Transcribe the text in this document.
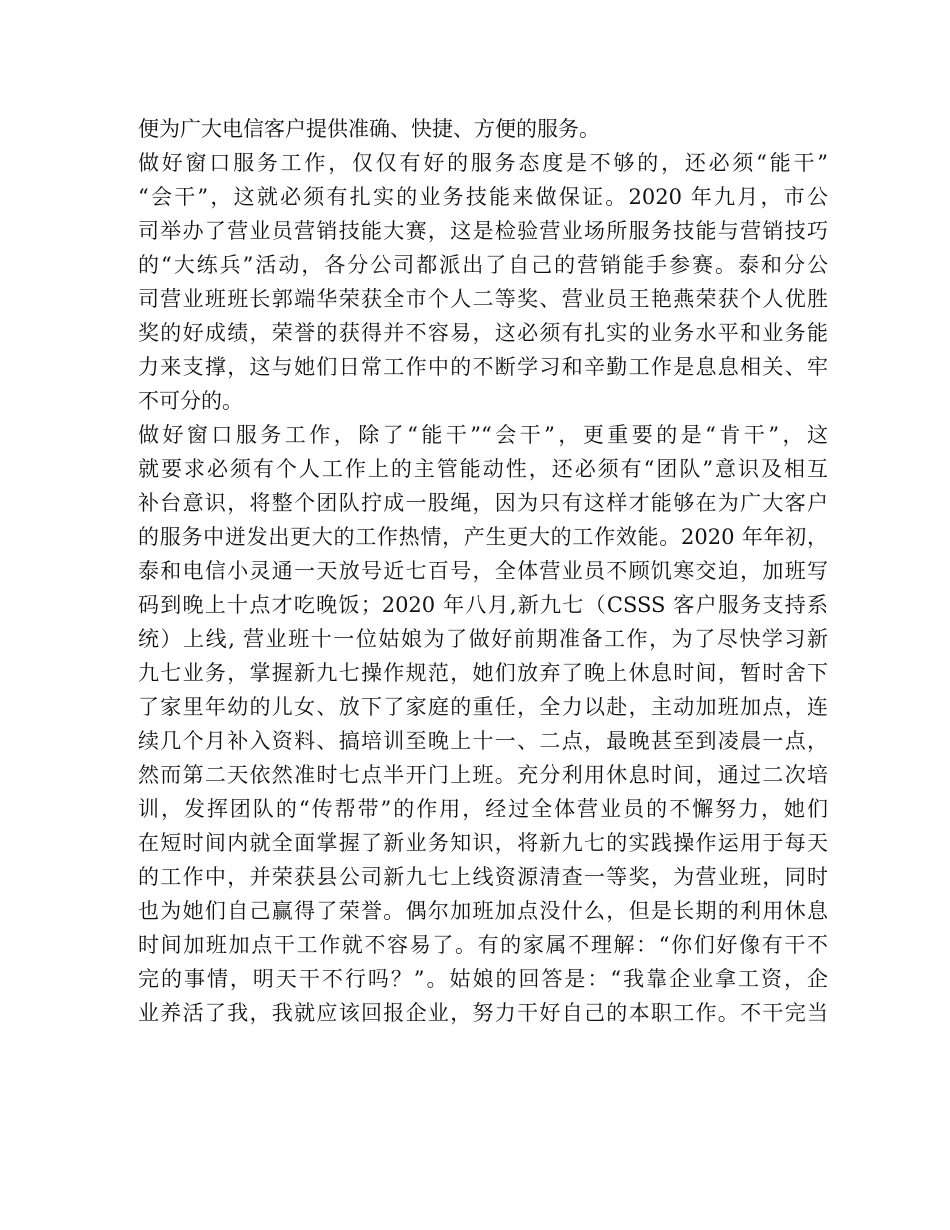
便为广大电信客户提供准确、快捷、方便的服务。
做好窗口服务工作，仅仅有好的服务态度是不够的，还必须“能干”
“会干”，这就必须有扎实的业务技能来做保证。2020 年九月，市公
司举办了营业员营销技能大赛，这是检验营业场所服务技能与营销技巧
的“大练兵”活动，各分公司都派出了自己的营销能手参赛。泰和分公
司营业班班长郭端华荣获全市个人二等奖、营业员王艳燕荣获个人优胜
奖的好成绩，荣誉的获得并不容易，这必须有扎实的业务水平和业务能
力来支撑，这与她们日常工作中的不断学习和辛勤工作是息息相关、牢
不可分的。
做好窗口服务工作，除了“能干”“会干”，更重要的是“肯干”，这
就要求必须有个人工作上的主管能动性，还必须有“团队”意识及相互
补台意识，将整个团队拧成一股绳，因为只有这样才能够在为广大客户
的服务中迸发出更大的工作热情，产生更大的工作效能。2020 年年初，
泰和电信小灵通一天放号近七百号，全体营业员不顾饥寒交迫，加班写
码到晚上十点才吃晚饭；2020 年八月,新九七（CSSS 客户服务支持系
统）上线, 营业班十一位姑娘为了做好前期准备工作，为了尽快学习新
九七业务，掌握新九七操作规范，她们放弃了晚上休息时间，暂时舍下
了家里年幼的儿女、放下了家庭的重任，全力以赴，主动加班加点，连
续几个月补入资料、搞培训至晚上十一、二点，最晚甚至到凌晨一点，
然而第二天依然准时七点半开门上班。充分利用休息时间，通过二次培
训，发挥团队的“传帮带”的作用，经过全体营业员的不懈努力，她们
在短时间内就全面掌握了新业务知识，将新九七的实践操作运用于每天
的工作中，并荣获县公司新九七上线资源清查一等奖，为营业班，同时
也为她们自己赢得了荣誉。偶尔加班加点没什么，但是长期的利用休息
时间加班加点干工作就不容易了。有的家属不理解：“你们好像有干不
完的事情，明天干不行吗？”。姑娘的回答是：“我靠企业拿工资，企
业养活了我，我就应该回报企业，努力干好自己的本职工作。不干完当
